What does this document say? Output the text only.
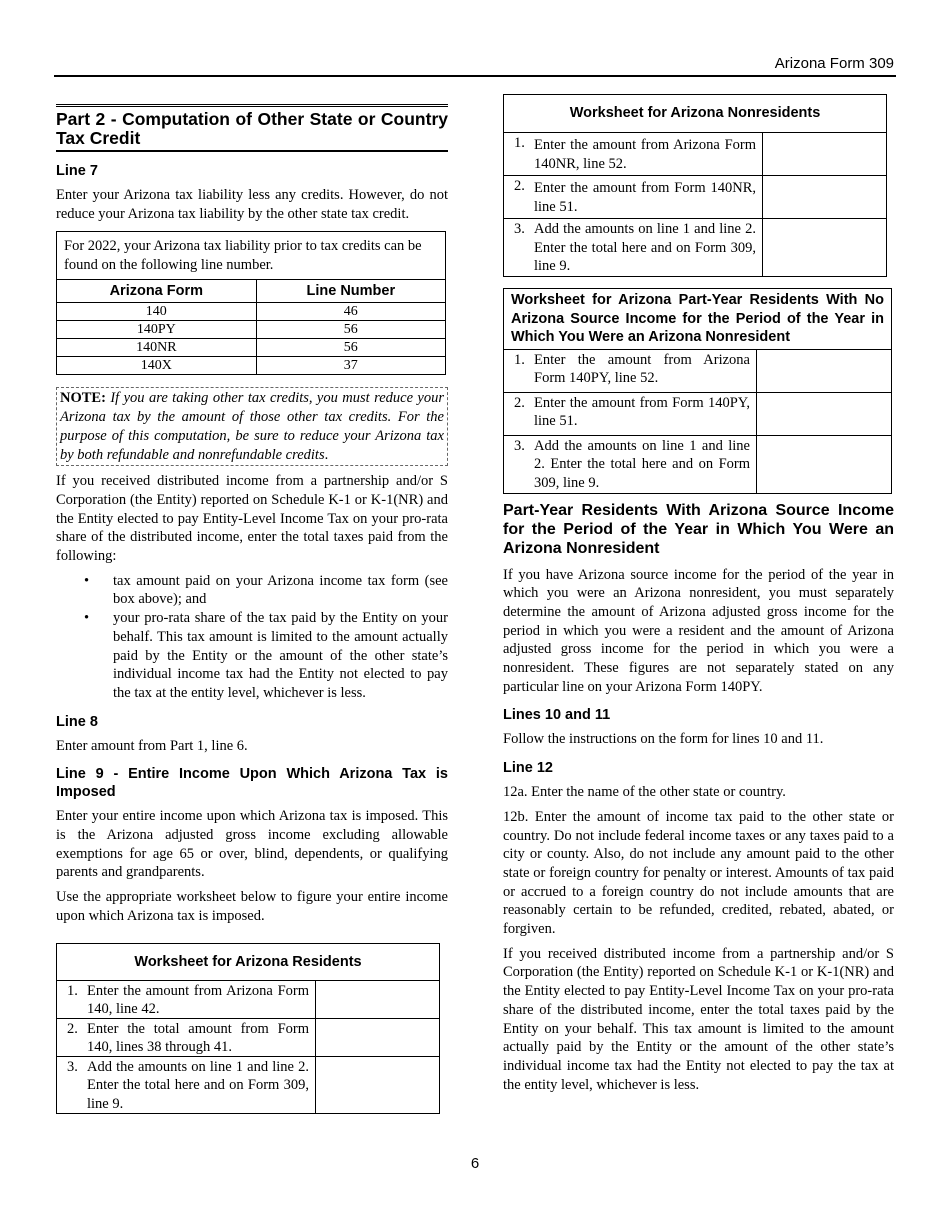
Arizona Form 309
Part 2 - Computation of Other State or Country Tax Credit
Line 7

Enter your Arizona tax liability less any credits. However, do not reduce your Arizona tax liability by the other state tax credit.

For 2022, your Arizona tax liability prior to tax credits can be found on the following line number.
Arizona Form	Line Number
140	46
140PY	56
140NR	56
140X	37
NOTE: If you are taking other tax credits, you must reduce your Arizona tax by the amount of those other tax credits. For the purpose of this computation, be sure to reduce your Arizona tax by both refundable and nonrefundable credits.

If you received distributed income from a partnership and/or S Corporation (the Entity) reported on Schedule K-1 or K-1(NR) and the Entity elected to pay Entity-Level Income Tax on your pro-rata share of the distributed income, enter the total taxes paid from the following:

• tax amount paid on your Arizona income tax form (see box above); and
• your pro-rata share of the tax paid by the Entity on your behalf. This tax amount is limited to the amount actually paid by the Entity or the amount of the other state’s individual income tax had the Entity not elected to pay the tax at the entity level, whichever is less.
Line 8

Enter amount from Part 1, line 6.

Line 9 - Entire Income Upon Which Arizona Tax is Imposed

Enter your entire income upon which Arizona tax is imposed. This is the Arizona adjusted gross income excluding allowable exemptions for age 65 or over, blind, dependents, or qualifying parents and grandparents.

Use the appropriate worksheet below to figure your entire income upon which Arizona tax is imposed.

Worksheet for Arizona Residents
1. Enter the amount from Arizona Form 140, line 42.
2. Enter the total amount from Form 140, lines 38 through 41.
3. Add the amounts on line 1 and line 2. Enter the total here and on Form 309, line 9.
Worksheet for Arizona Nonresidents
1. Enter the amount from Arizona Form 140NR, line 52.
2. Enter the amount from Form 140NR, line 51.
3. Add the amounts on line 1 and line 2. Enter the total here and on Form 309, line 9.
Worksheet for Arizona Part-Year Residents With No Arizona Source Income for the Period of the Year in Which You Were an Arizona Nonresident
1. Enter the amount from Arizona Form 140PY, line 52.
2. Enter the amount from Form 140PY, line 51.
3. Add the amounts on line 1 and line 2. Enter the total here and on Form 309, line 9.
Part-Year Residents With Arizona Source Income for the Period of the Year in Which You Were an Arizona Nonresident

If you have Arizona source income for the period of the year in which you were an Arizona nonresident, you must separately determine the amount of Arizona adjusted gross income for the period in which you were a resident and the amount of Arizona adjusted gross income for the period in which you were a nonresident. These figures are not separately stated on any particular line on your Arizona Form 140PY.

Lines 10 and 11

Follow the instructions on the form for lines 10 and 11.

Line 12

12a. Enter the name of the other state or country.

12b. Enter the amount of income tax paid to the other state or country. Do not include federal income taxes or any taxes paid to a city or county. Also, do not include any amount paid to the other state or foreign country for penalty or interest. Amounts of tax paid or accrued to a foreign country do not include amounts that are reasonably certain to be refunded, credited, rebated, abated, or forgiven.

If you received distributed income from a partnership and/or S Corporation (the Entity) reported on Schedule K-1 or K-1(NR) and the Entity elected to pay Entity-Level Income Tax on your pro-rata share of the distributed income, enter the total taxes paid by the Entity on your behalf. This tax amount is limited to the amount actually paid by the Entity or the amount of the other state’s individual income tax had the Entity not elected to pay the tax at the entity level, whichever is less.

6
